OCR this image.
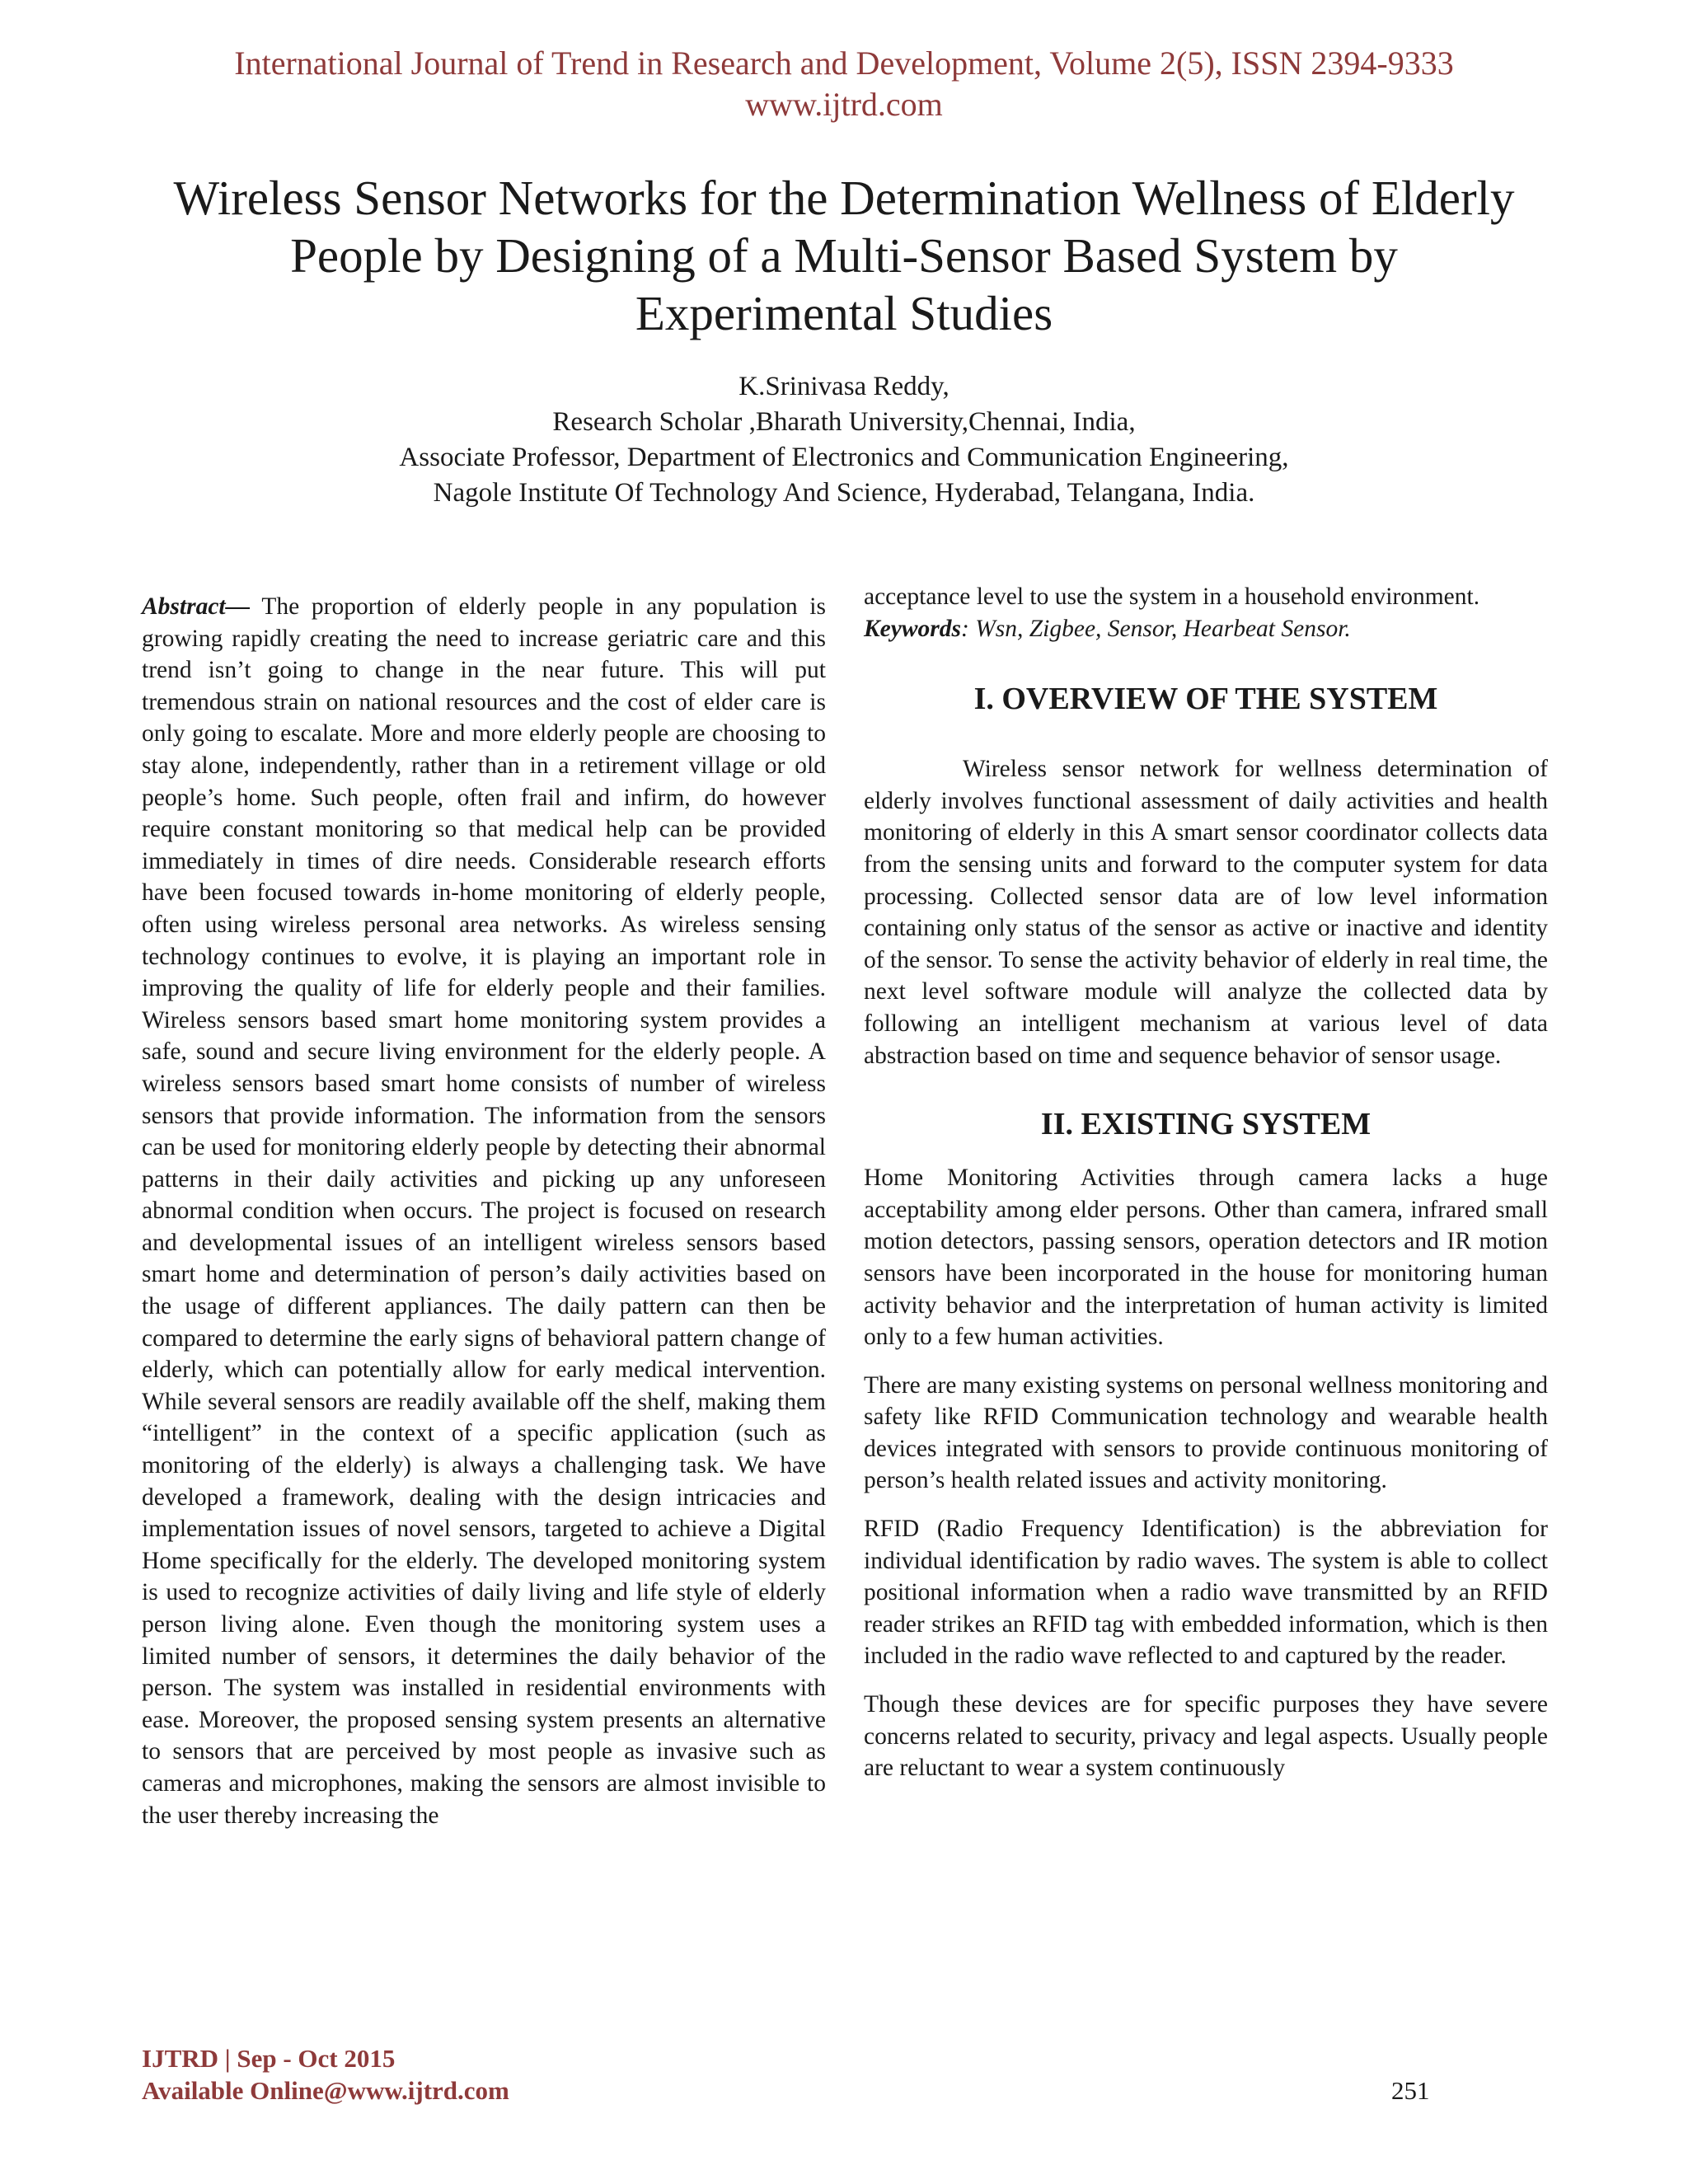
International Journal of Trend in Research and Development, Volume 2(5), ISSN 2394-9333
www.ijtrd.com
Wireless Sensor Networks for the Determination Wellness of Elderly
People by Designing of a Multi-Sensor Based System by
Experimental Studies
K.Srinivasa Reddy,
Research Scholar ,Bharath University,Chennai, India,
Associate Professor, Department of Electronics and Communication Engineering,
Nagole Institute Of Technology And Science, Hyderabad, Telangana, India.

Abstract— The proportion of elderly people in any population is growing rapidly creating the need to increase geriatric care and this trend isn’t going to change in the near future. This will put tremendous strain on national resources and the cost of elder care is only going to escalate. More and more elderly people are choosing to stay alone, independently, rather than in a retirement village or old people’s home. Such people, often frail and infirm, do however require constant monitoring so that medical help can be provided immediately in times of dire needs. Considerable research efforts have been focused towards in-home monitoring of elderly people, often using wireless personal area networks. As wireless sensing technology continues to evolve, it is playing an important role in improving the quality of life for elderly people and their families. Wireless sensors based smart home monitoring system provides a safe, sound and secure living environment for the elderly people. A wireless sensors based smart home consists of number of wireless sensors that provide information. The information from the sensors can be used for monitoring elderly people by detecting their abnormal patterns in their daily activities and picking up any unforeseen abnormal condition when occurs. The project is focused on research and developmental issues of an intelligent wireless sensors based smart home and determination of person’s daily activities based on the usage of different appliances. The daily pattern can then be compared to determine the early signs of behavioral pattern change of elderly, which can potentially allow for early medical intervention. While several sensors are readily available off the shelf, making them “intelligent” in the context of a specific application (such as monitoring of the elderly) is always a challenging task. We have developed a framework, dealing with the design intricacies and implementation issues of novel sensors, targeted to achieve a Digital Home specifically for the elderly. The developed monitoring system is used to recognize activities of daily living and life style of elderly person living alone. Even though the monitoring system uses a limited number of sensors, it determines the daily behavior of the person. The system was installed in residential environments with ease. Moreover, the proposed sensing system presents an alternative to sensors that are perceived by most people as invasive such as cameras and microphones, making the sensors are almost invisible to the user thereby increasing the

acceptance level to use the system in a household environment.

Keywords: Wsn, Zigbee, Sensor, Hearbeat Sensor.

I. OVERVIEW OF THE SYSTEM

Wireless sensor network for wellness determination of elderly involves functional assessment of daily activities and health monitoring of elderly in this A smart sensor coordinator collects data from the sensing units and forward to the computer system for data processing. Collected sensor data are of low level information containing only status of the sensor as active or inactive and identity of the sensor. To sense the activity behavior of elderly in real time, the next level software module will analyze the collected data by following an intelligent mechanism at various level of data abstraction based on time and sequence behavior of sensor usage.

II. EXISTING SYSTEM

Home Monitoring Activities through camera lacks a huge acceptability among elder persons. Other than camera, infrared small motion detectors, passing sensors, operation detectors and IR motion sensors have been incorporated in the house for monitoring human activity behavior and the interpretation of human activity is limited only to a few human activities.

There are many existing systems on personal wellness monitoring and safety like RFID Communication technology and wearable health devices integrated with sensors to provide continuous monitoring of person’s health related issues and activity monitoring.

RFID (Radio Frequency Identification) is the abbreviation for individual identification by radio waves. The system is able to collect positional information when a radio wave transmitted by an RFID reader strikes an RFID tag with embedded information, which is then included in the radio wave reflected to and captured by the reader.

Though these devices are for specific purposes they have severe concerns related to security, privacy and legal aspects. Usually people are reluctant to wear a system continuously

IJTRD | Sep - Oct 2015
Available Online@www.ijtrd.com	251
